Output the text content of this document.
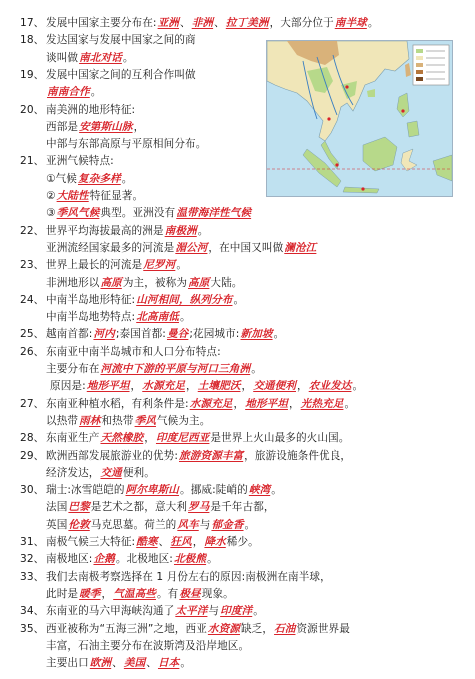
17、 发展中国家主要分布在:亚洲、非洲、拉丁美洲，大部分位于南半球。
18、 发达国家与发展中国家之间的商
谈叫做南北对话。
19、 发展中国家之间的互利合作叫做
南南合作。
20、 南美洲的地形特征:
西部是安第斯山脉，
中部与东部高原与平原相间分布。
21、 亚洲气候特点:
①气候复杂多样。
②大陆性特征显著。
③季风气候典型。亚洲没有温带海洋性气候
22、 世界平均海拔最高的洲是南极洲。
亚洲流经国家最多的河流是湄公河，在中国又叫做澜沧江
23、 世界上最长的河流是尼罗河。
非洲地形以高原为主，被称为高原大陆。
24、 中南半岛地形特征:山河相间，纵列分布。
中南半岛地势特点:北高南低。
25、 越南首都:河内;泰国首都:曼谷;花园城市:新加坡。
26、 东南亚中南半岛城市和人口分布特点:
主要分布在河流中下游的平原与河口三角洲。
原因是:地形平坦，水源充足，土壤肥沃，交通便利，农业发达。
27、 东南亚种植水稻，有利条件是:水源充足，地形平坦，光热充足。
以热带雨林和热带季风气候为主。
28、 东南亚生产天然橡胶，印度尼西亚是世界上火山最多的火山国。
29、 欧洲西部发展旅游业的优势:旅游资源丰富，旅游设施条件优良，
经济发达，交通便利。
30、 瑞士:冰雪皑皑的阿尔卑斯山。挪威:陡峭的峡湾。
法国巴黎是艺术之都，意大利罗马是千年古都，
英国伦敦马克思墓。荷兰的风车与郁金香。
31、 南极气候三大特征:酷寒、狂风，降水稀少。
32、 南极地区:企鹅。北极地区:北极熊。
33、 我们去南极考察选择在 1 月份左右的原因:南极洲在南半球，
此时是暖季，气温高些。有极昼现象。
34、 东南亚的马六甲海峡沟通了太平洋与印度洋。
35、 西亚被称为“五海三洲”之地，西亚水资源缺乏，石油资源世界最
丰富，石油主要分布在波斯湾及沿岸地区。
主要出口欧洲、美国、日本。
